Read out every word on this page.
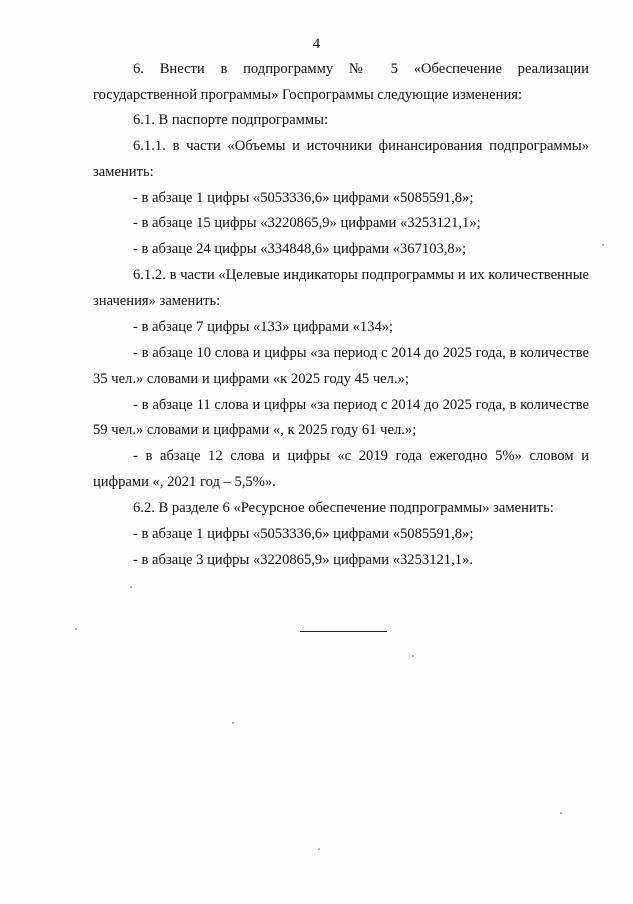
4
6. Внести в подпрограмму № 5 «Обеспечение реализации
государственной программы» Госпрограммы следующие изменения:
6.1. В паспорте подпрограммы:
6.1.1. в части «Объемы и источники финансирования подпрограммы»
заменить:
- в абзаце 1 цифры «5053336,6» цифрами «5085591,8»;
- в абзаце 15 цифры «3220865,9» цифрами «3253121,1»;
- в абзаце 24 цифры «334848,6» цифрами «367103,8»;
6.1.2. в части «Целевые индикаторы подпрограммы и их количественные
значения» заменить:
- в абзаце 7 цифры «133» цифрами «134»;
- в абзаце 10 слова и цифры «за период с 2014 до 2025 года, в количестве
35 чел.» словами и цифрами «к 2025 году 45 чел.»;
- в абзаце 11 слова и цифры «за период с 2014 до 2025 года, в количестве
59 чел.» словами и цифрами «, к 2025 году 61 чел.»;
- в абзаце 12 слова и цифры «с 2019 года ежегодно 5%» словом и
цифрами «, 2021 год – 5,5%».
6.2. В разделе 6 «Ресурсное обеспечение подпрограммы» заменить:
- в абзаце 1 цифры «5053336,6» цифрами «5085591,8»;
- в абзаце 3 цифры «3220865,9» цифрами «3253121,1».
